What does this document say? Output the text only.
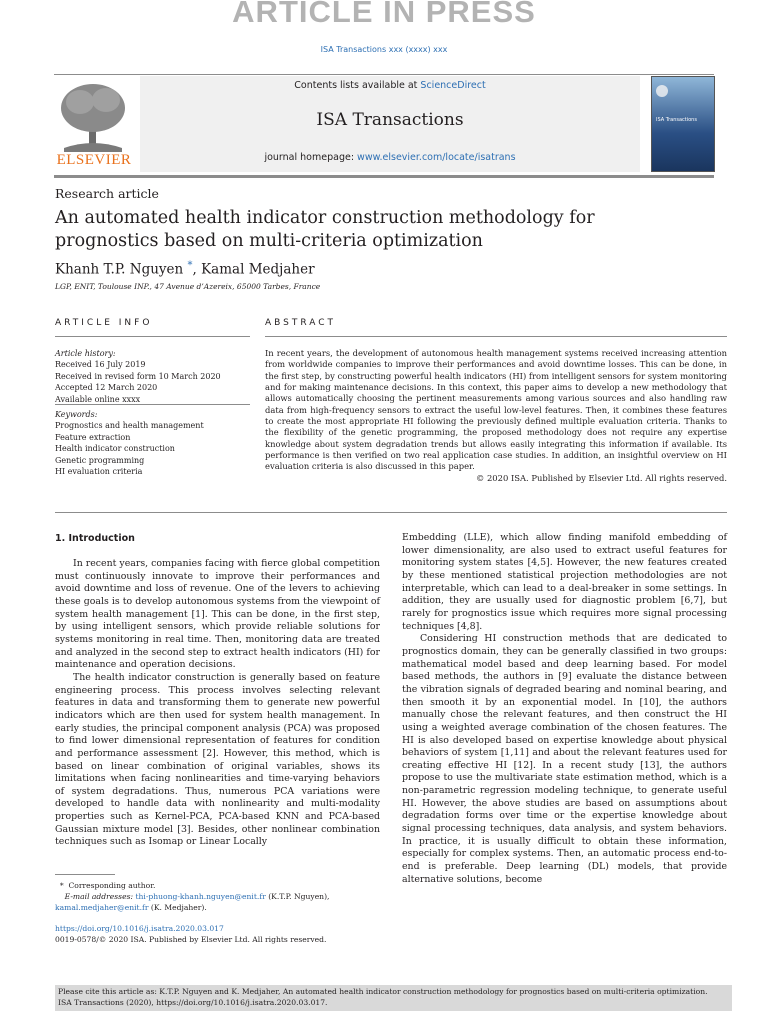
ARTICLE IN PRESS
ISA Transactions xxx (xxxx) xxx
ELSEVIER
Contents lists available at ScienceDirect
ISA Transactions
journal homepage: www.elsevier.com/locate/isatrans
ISA Transactions
Research article
An automated health indicator construction methodology for prognostics based on multi-criteria optimization
Khanh T.P. Nguyen *, Kamal Medjaher
LGP, ENIT, Toulouse INP., 47 Avenue d’Azereix, 65000 Tarbes, France
ARTICLE INFO	ABSTRACT
Article history:
Received 16 July 2019
Received in revised form 10 March 2020
Accepted 12 March 2020
Available online xxxx
Keywords:
Prognostics and health management
Feature extraction
Health indicator construction
Genetic programming
HI evaluation criteria
In recent years, the development of autonomous health management systems received increasing attention from worldwide companies to improve their performances and avoid downtime losses. This can be done, in the first step, by constructing powerful health indicators (HI) from intelligent sensors for system monitoring and for making maintenance decisions. In this context, this paper aims to develop a new methodology that allows automatically choosing the pertinent measurements among various sources and also handling raw data from high-frequency sensors to extract the useful low-level features. Then, it combines these features to create the most appropriate HI following the previously defined multiple evaluation criteria. Thanks to the flexibility of the genetic programming, the proposed methodology does not require any expertise knowledge about system degradation trends but allows easily integrating this information if available. Its performance is then verified on two real application case studies. In addition, an insightful overview on HI evaluation criteria is also discussed in this paper.
© 2020 ISA. Published by Elsevier Ltd. All rights reserved.
1. Introduction

In recent years, companies facing with fierce global competition must continuously innovate to improve their performances and avoid downtime and loss of revenue. One of the levers to achieving these goals is to develop autonomous systems from the viewpoint of system health management [1]. This can be done, in the first step, by using intelligent sensors, which provide reliable solutions for systems monitoring in real time. Then, monitoring data are treated and analyzed in the second step to extract health indicators (HI) for maintenance and operation decisions.

The health indicator construction is generally based on feature engineering process. This process involves selecting relevant features in data and transforming them to generate new powerful indicators which are then used for system health management. In early studies, the principal component analysis (PCA) was proposed to find lower dimensional representation of features for condition and performance assessment [2]. However, this method, which is based on linear combination of original variables, shows its limitations when facing nonlinearities and time-varying behaviors of system degradations. Thus, numerous PCA variations were developed to handle data with nonlinearity and multi-modality properties such as Kernel-PCA, PCA-based KNN and PCA-based Gaussian mixture model [3]. Besides, other nonlinear combination techniques such as Isomap or Linear Locally

Embedding (LLE), which allow finding manifold embedding of lower dimensionality, are also used to extract useful features for monitoring system states [4,5]. However, the new features created by these mentioned statistical projection methodologies are not interpretable, which can lead to a deal-breaker in some settings. In addition, they are usually used for diagnostic problem [6,7], but rarely for prognostics issue which requires more signal processing techniques [4,8].

Considering HI construction methods that are dedicated to prognostics domain, they can be generally classified in two groups: mathematical model based and deep learning based. For model based methods, the authors in [9] evaluate the distance between the vibration signals of degraded bearing and nominal bearing, and then smooth it by an exponential model. In [10], the authors manually chose the relevant features, and then construct the HI using a weighted average combination of the chosen features. The HI is also developed based on expertise knowledge about physical behaviors of system [1,11] and about the relevant features used for creating effective HI [12]. In a recent study [13], the authors propose to use the multivariate state estimation method, which is a non-parametric regression modeling technique, to generate useful HI. However, the above studies are based on assumptions about degradation forms over time or the expertise knowledge about signal processing techniques, data analysis, and system behaviors. In practice, it is usually difficult to obtain these information, especially for complex systems. Then, an automatic process end-to-end is preferable. Deep learning (DL) models, that provide alternative solutions, become

* Corresponding author.
E-mail addresses: thi-phuong-khanh.nguyen@enit.fr (K.T.P. Nguyen),
kamal.medjaher@enit.fr (K. Medjaher).
https://doi.org/10.1016/j.isatra.2020.03.017
0019-0578/© 2020 ISA. Published by Elsevier Ltd. All rights reserved.
Please cite this article as: K.T.P. Nguyen and K. Medjaher, An automated health indicator construction methodology for prognostics based on multi-criteria optimization.
ISA Transactions (2020), https://doi.org/10.1016/j.isatra.2020.03.017.
